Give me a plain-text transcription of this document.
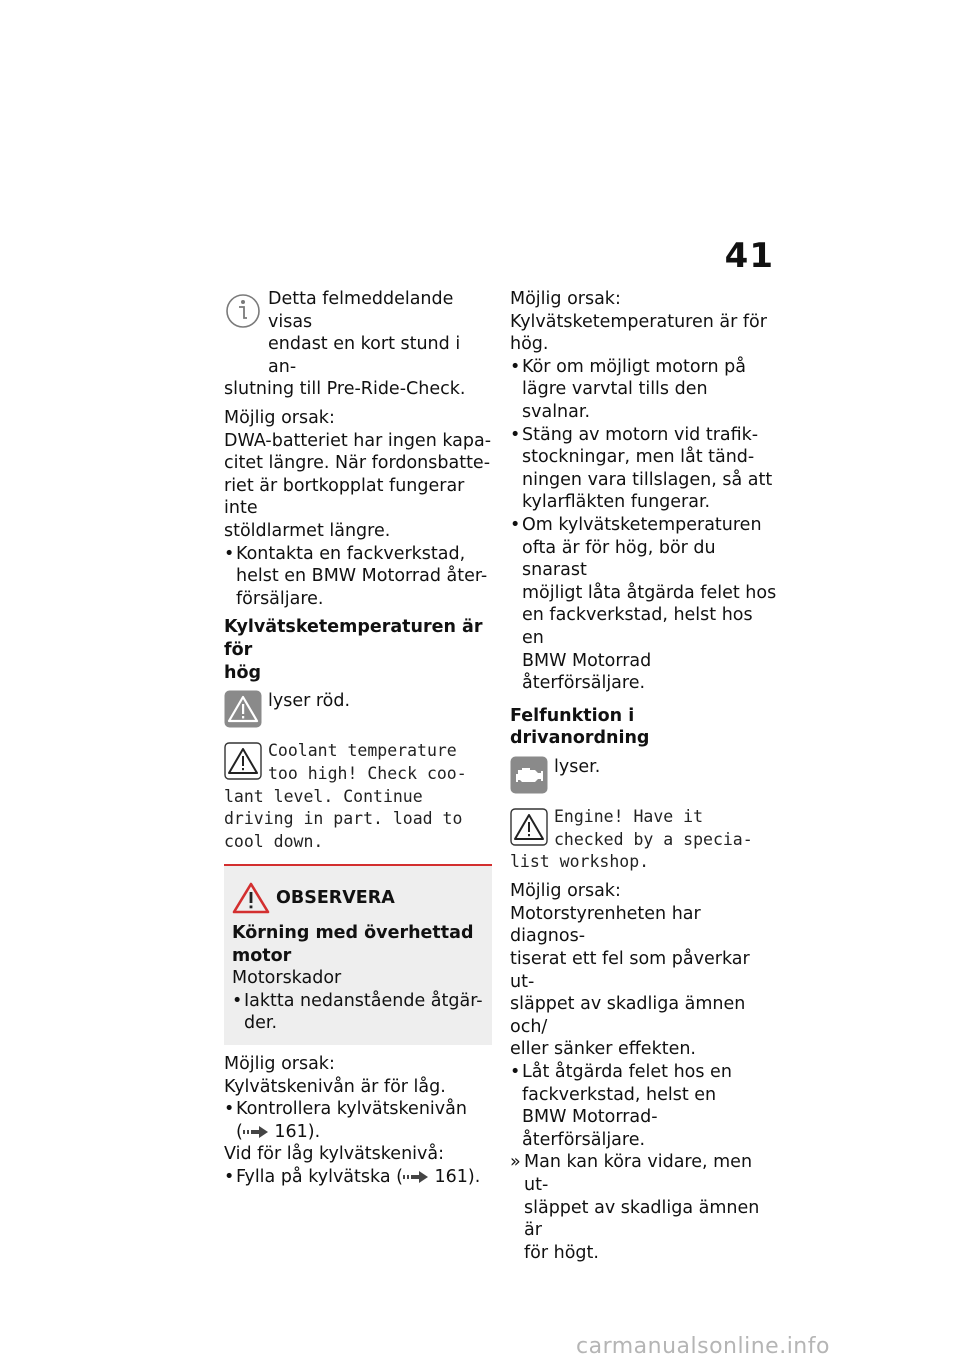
41

Detta felmeddelande visas

endast en kort stund i an-

slutning till Pre-Ride-Check.

Möjlig orsak:

DWA-batteriet har ingen kapa-

citet längre. När fordonsbatte-

riet är bortkopplat fungerar inte

stöldlarmet längre.

• Kontakta en fackverkstad,

helst en BMW Motorrad åter-

försäljare.

Kylvätsketemperaturen är för

hög

lyser röd.

Coolant temperature

too high! Check coo-

lant level. Continue

driving in part. load to

cool down.

OBSERVERA

Körning med överhettad

motor

Motorskador

• Iaktta nedanstående åtgär-

der.

Möjlig orsak:

Kylvätskenivån är för låg.

• Kontrollera kylvätskenivån

( 161).

Vid för låg kylvätskenivå:

• Fylla på kylvätska ( 161).

Möjlig orsak:

Kylvätsketemperaturen är för

hög.

• Kör om möjligt motorn på

lägre varvtal tills den svalnar.

• Stäng av motorn vid trafik-

stockningar, men låt tänd-

ningen vara tillslagen, så att

kylarfläkten fungerar.

• Om kylvätsketemperaturen

ofta är för hög, bör du snarast

möjligt låta åtgärda felet hos

en fackverkstad, helst hos en

BMW Motorrad återförsäljare.

Felfunktion i drivanordning

lyser.

Engine! Have it

checked by a specia-

list workshop.

Möjlig orsak:

Motorstyrenheten har diagnos-

tiserat ett fel som påverkar ut-

släppet av skadliga ämnen och/

eller sänker effekten.

• Låt åtgärda felet hos en

fackverkstad, helst en

BMW Motorrad-återförsäljare.

» Man kan köra vidare, men ut-

släppet av skadliga ämnen är

för högt.

carmanualsonline.info
